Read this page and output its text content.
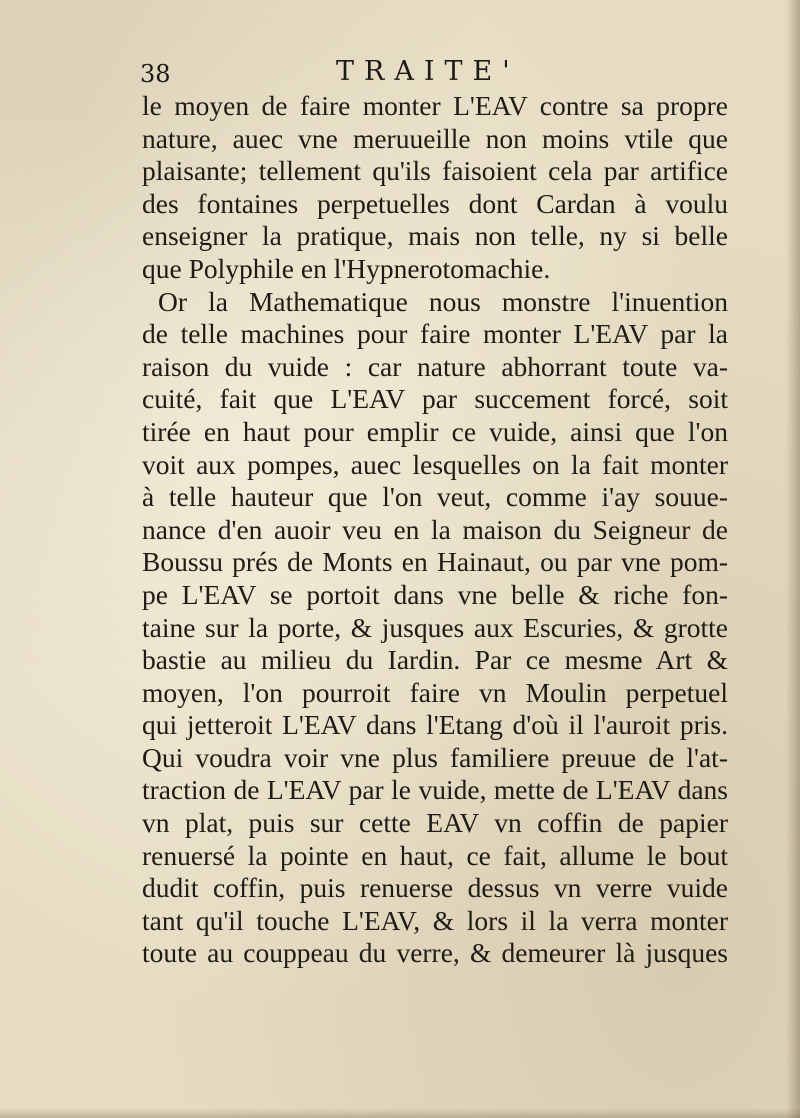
38	TRAITE'
le moyen de faire monter L'EAV contre sa propre
nature, auec vne meruueille non moins vtile que
plaisante; tellement qu'ils faisoient cela par artifice
des fontaines perpetuelles dont Cardan à voulu
enseigner la pratique, mais non telle, ny si belle
que Polyphile en l'Hypnerotomachie.
Or la Mathematique nous monstre l'inuention
de telle machines pour faire monter L'EAV par la
raison du vuide : car nature abhorrant toute va-
cuité, fait que L'EAV par succement forcé, soit
tirée en haut pour emplir ce vuide, ainsi que l'on
voit aux pompes, auec lesquelles on la fait monter
à telle hauteur que l'on veut, comme i'ay souue-
nance d'en auoir veu en la maison du Seigneur de
Boussu prés de Monts en Hainaut, ou par vne pom-
pe L'EAV se portoit dans vne belle & riche fon-
taine sur la porte, & jusques aux Escuries, & grotte
bastie au milieu du Iardin. Par ce mesme Art &
moyen, l'on pourroit faire vn Moulin perpetuel
qui jetteroit L'EAV dans l'Etang d'où il l'auroit pris.
Qui voudra voir vne plus familiere preuue de l'at-
traction de L'EAV par le vuide, mette de L'EAV dans
vn plat, puis sur cette EAV vn coffin de papier
renuersé la pointe en haut, ce fait, allume le bout
dudit coffin, puis renuerse dessus vn verre vuide
tant qu'il touche L'EAV, & lors il la verra monter
toute au couppeau du verre, & demeurer là jusques
